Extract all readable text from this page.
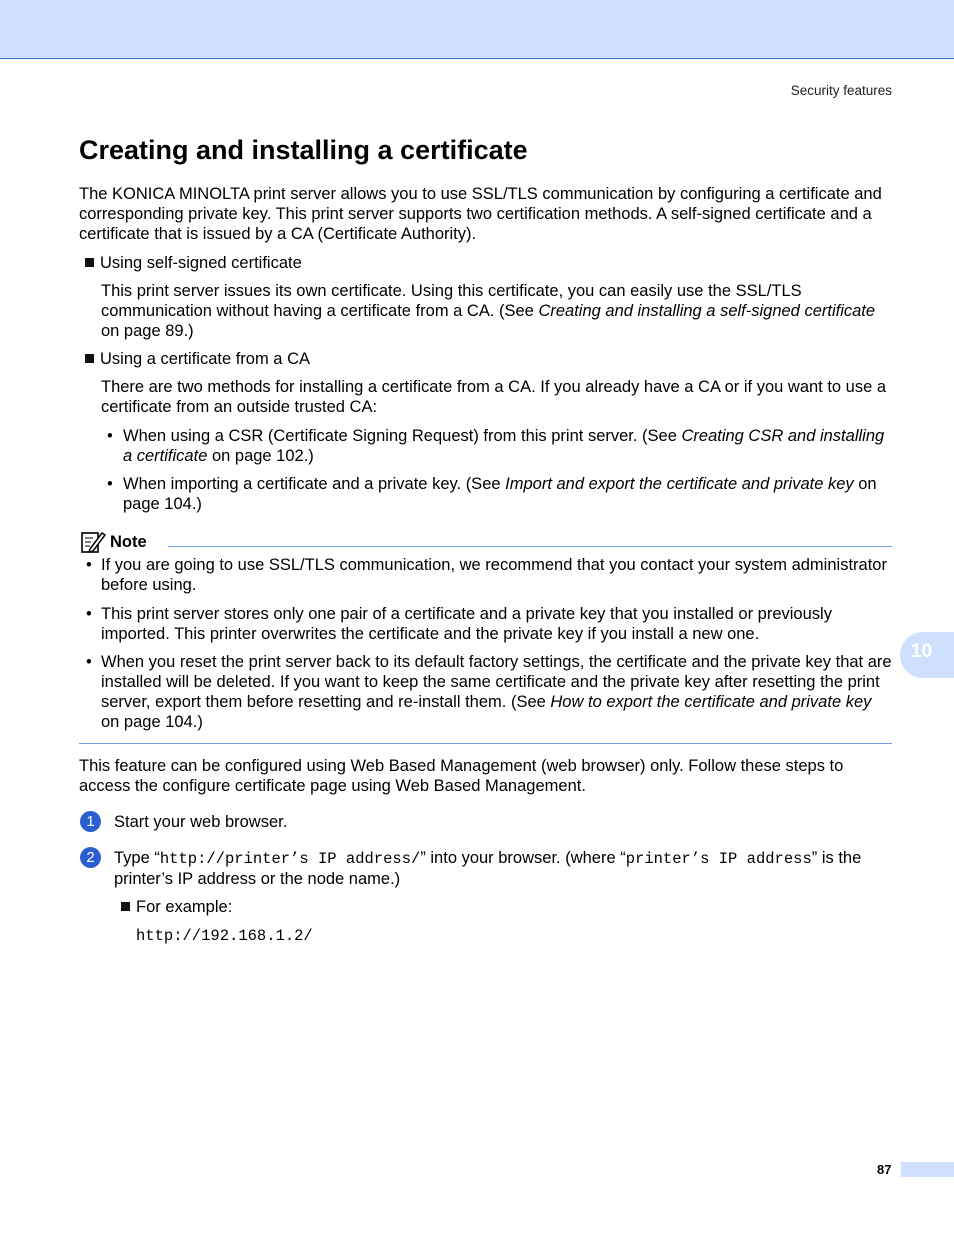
Security features
Creating and installing a certificate

The KONICA MINOLTA print server allows you to use SSL/TLS communication by configuring a certificate and corresponding private key. This print server supports two certification methods. A self-signed certificate and a certificate that is issued by a CA (Certificate Authority).

Using self-signed certificate

This print server issues its own certificate. Using this certificate, you can easily use the SSL/TLS communication without having a certificate from a CA. (See Creating and installing a self-signed certificate on page 89.)

Using a certificate from a CA

There are two methods for installing a certificate from a CA. If you already have a CA or if you want to use a certificate from an outside trusted CA:

• When using a CSR (Certificate Signing Request) from this print server. (See Creating CSR and installing a certificate on page 102.)

• When importing a certificate and a private key. (See Import and export the certificate and private key on page 104.)

Note
• If you are going to use SSL/TLS communication, we recommend that you contact your system administrator before using.

• This print server stores only one pair of a certificate and a private key that you installed or previously imported. This printer overwrites the certificate and the private key if you install a new one.

• When you reset the print server back to its default factory settings, the certificate and the private key that are installed will be deleted. If you want to keep the same certificate and the private key after resetting the print server, export them before resetting and re-install them. (See How to export the certificate and private key on page 104.)

This feature can be configured using Web Based Management (web browser) only. Follow these steps to access the configure certificate page using Web Based Management.

1	Start your web browser.

2	Type “http://printer’s IP address/” into your browser. (where “printer’s IP address” is the printer’s IP address or the node name.)

For example:
http://192.168.1.2/
10
87
